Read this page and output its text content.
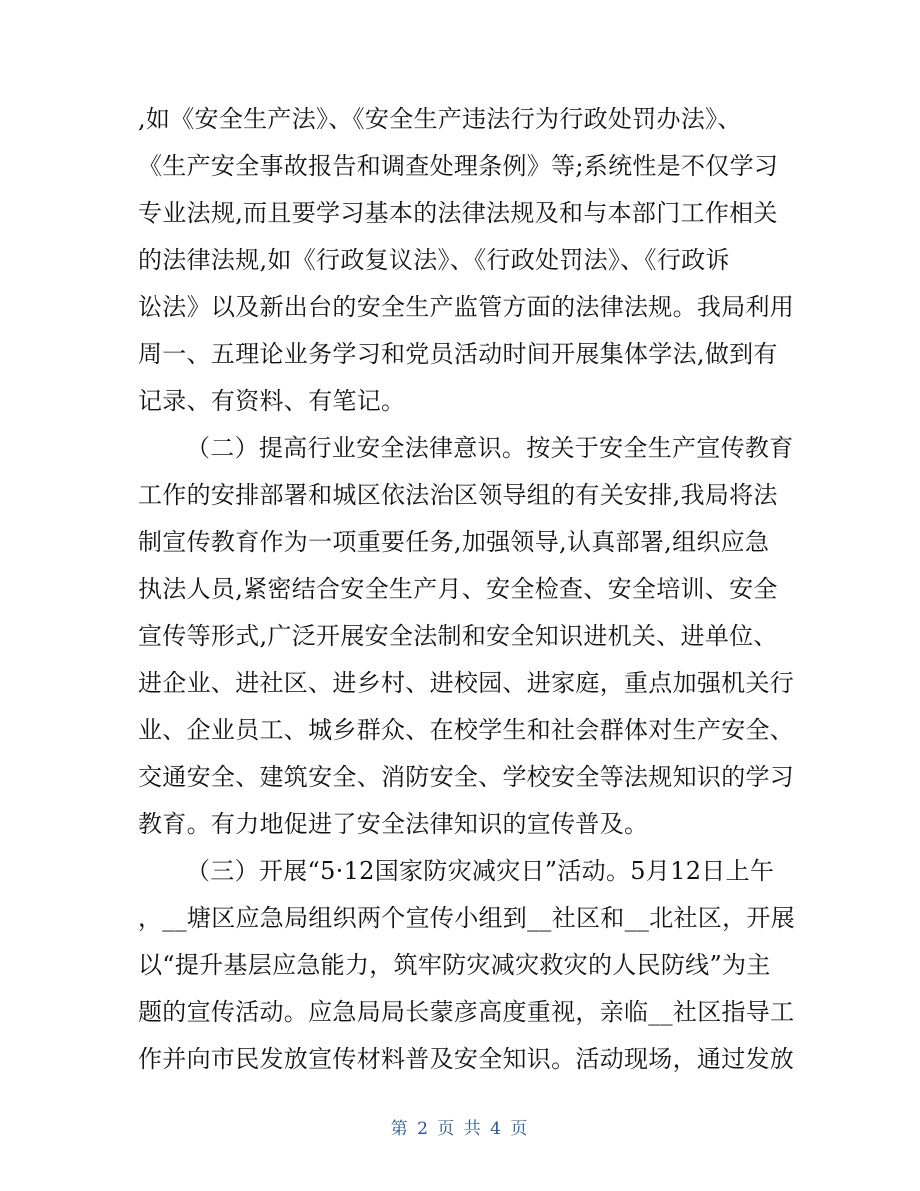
,如《安全生产法》、《安全生产违法行为行政处罚办法》、
《生产安全事故报告和调查处理条例》等;系统性是不仅学习
专业法规,而且要学习基本的法律法规及和与本部门工作相关
的法律法规,如《行政复议法》、《行政处罚法》、《行政诉
讼法》以及新出台的安全生产监管方面的法律法规。我局利用
周一、五理论业务学习和党员活动时间开展集体学法,做到有
记录、有资料、有笔记。
（二）提高行业安全法律意识。按关于安全生产宣传教育
工作的安排部署和城区依法治区领导组的有关安排,我局将法
制宣传教育作为一项重要任务,加强领导,认真部署,组织应急
执法人员,紧密结合安全生产月、安全检查、安全培训、安全
宣传等形式,广泛开展安全法制和安全知识进机关、进单位、
进企业、进社区、进乡村、进校园、进家庭，重点加强机关行
业、企业员工、城乡群众、在校学生和社会群体对生产安全、
交通安全、建筑安全、消防安全、学校安全等法规知识的学习
教育。有力地促进了安全法律知识的宣传普及。
（三）开展“5·12国家防灾减灾日”活动。5月12日上午
，__塘区应急局组织两个宣传小组到__社区和__北社区，开展
以“提升基层应急能力，筑牢防灾减灾救灾的人民防线”为主
题的宣传活动。应急局局长蒙彦高度重视，亲临__社区指导工
作并向市民发放宣传材料普及安全知识。活动现场，通过发放
第 2 页 共 4 页
